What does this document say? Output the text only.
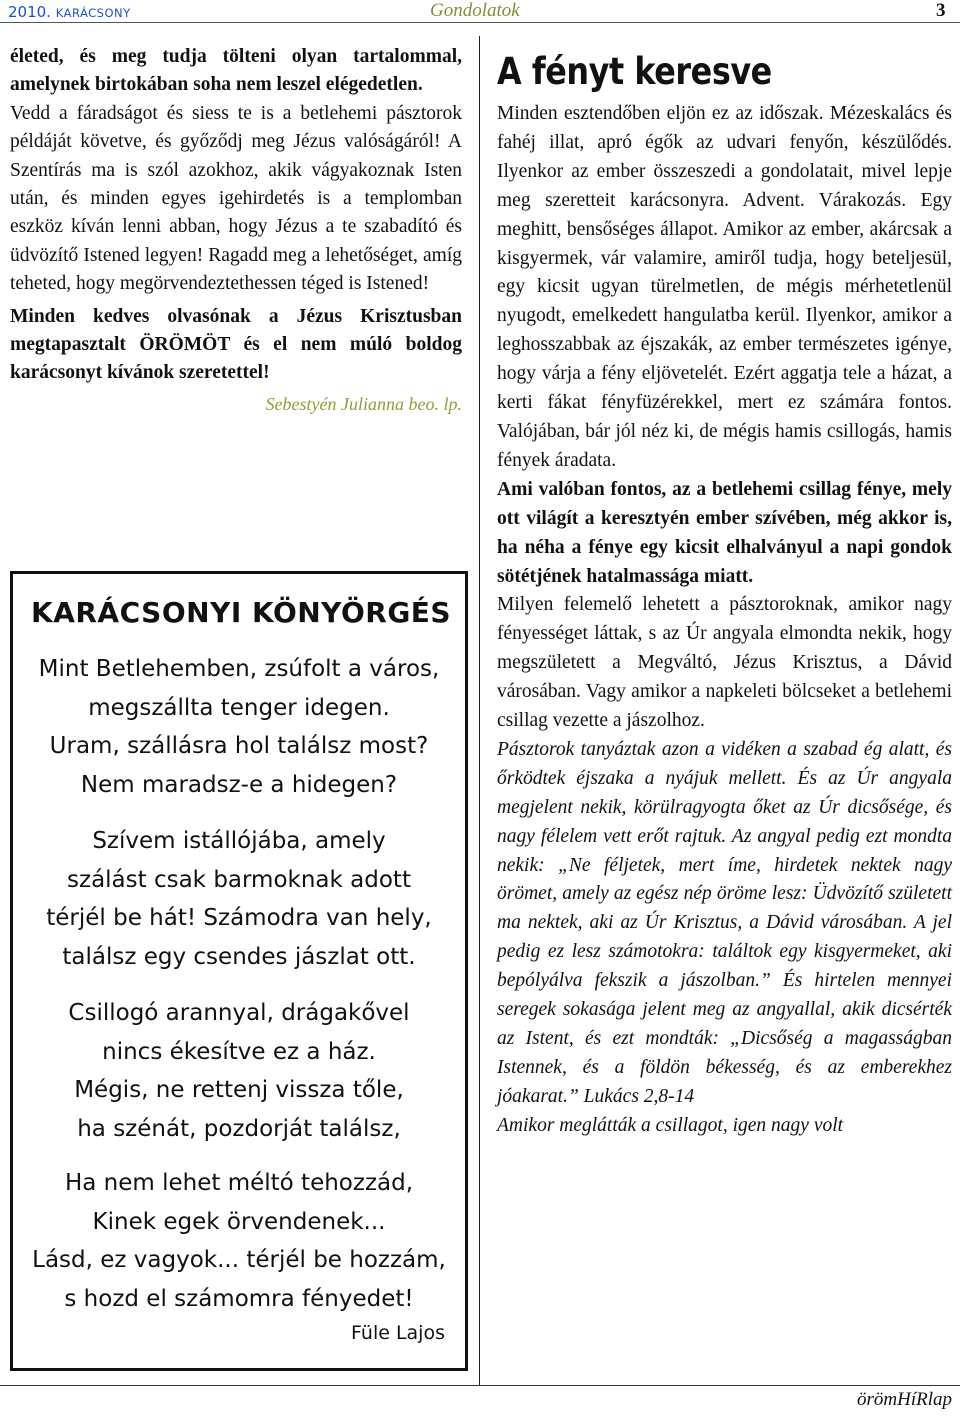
2010. KARÁCSONY	Gondolatok	3

életed, és meg tudja tölteni olyan tartalommal, amelynek birtokában soha nem leszel elégedetlen.

Vedd a fáradságot és siess te is a betlehemi pásztorok példáját követve, és győződj meg Jézus valóságáról! A Szentírás ma is szól azokhoz, akik vágyakoznak Isten után, és minden egyes igehirdetés is a templomban eszköz kíván lenni abban, hogy Jézus a te szabadító és üdvözítő Istened legyen! Ragadd meg a lehetőséget, amíg teheted, hogy megörvendeztethessen téged is Istened!

Minden kedves olvasónak a Jézus Krisztusban megtapasztalt ÖRÖMÖT és el nem múló boldog karácsonyt kívánok szeretettel!

Sebestyén Julianna beo. lp.

KARÁCSONYI KÖNYÖRGÉS
Mint Betlehemben, zsúfolt a város,
megszállta tenger idegen.
Uram, szállásra hol találsz most?
Nem maradsz-e a hidegen?
Szívem istállójába, amely
szálást csak barmoknak adott
térjél be hát! Számodra van hely,
találsz egy csendes jászlat ott.
Csillogó arannyal, drágakővel
nincs ékesítve ez a ház.
Mégis, ne rettenj vissza tőle,
ha szénát, pozdorját találsz,
Ha nem lehet méltó tehozzád,
Kinek egek örvendenek...
Lásd, ez vagyok... térjél be hozzám,
s hozd el számomra fényedet!
Füle Lajos
A fényt keresve

Minden esztendőben eljön ez az időszak. Mézeskalács és fahéj illat, apró égők az udvari fenyőn, készülődés. Ilyenkor az ember összeszedi a gondolatait, mivel lepje meg szeretteit karácsonyra. Advent. Várakozás. Egy meghitt, bensőséges állapot. Amikor az ember, akárcsak a kisgyermek, vár valamire, amiről tudja, hogy beteljesül, egy kicsit ugyan türelmetlen, de mégis mérhetetlenül nyugodt, emelkedett hangulatba kerül. Ilyenkor, amikor a leghosszabbak az éjszakák, az ember természetes igénye, hogy várja a fény eljövetelét. Ezért aggatja tele a házat, a kerti fákat fényfüzérekkel, mert ez számára fontos. Valójában, bár jól néz ki, de mégis hamis csillogás, hamis fények áradata.

Ami valóban fontos, az a betlehemi csillag fénye, mely ott világít a keresztyén ember szívében, még akkor is, ha néha a fénye egy kicsit elhalványul a napi gondok sötétjének hatalmassága miatt.

Milyen felemelő lehetett a pásztoroknak, amikor nagy fényességet láttak, s az Úr angyala elmondta nekik, hogy megszületett a Megváltó, Jézus Krisztus, a Dávid városában. Vagy amikor a napkeleti bölcseket a betlehemi csillag vezette a jászolhoz.

Pásztorok tanyáztak azon a vidéken a szabad ég alatt, és őrködtek éjszaka a nyájuk mellett. És az Úr angyala megjelent nekik, körülragyogta őket az Úr dicsősége, és nagy félelem vett erőt rajtuk. Az angyal pedig ezt mondta nekik: „Ne féljetek, mert íme, hirdetek nektek nagy örömet, amely az egész nép öröme lesz: Üdvözítő született ma nektek, aki az Úr Krisztus, a Dávid városában. A jel pedig ez lesz számotokra: találtok egy kisgyermeket, aki bepólyálva fekszik a jászolban.” És hirtelen mennyei seregek sokasága jelent meg az angyallal, akik dicsérték az Istent, és ezt mondták: „Dicsőség a magasságban Istennek, és a földön békesség, és az emberekhez jóakarat.” Lukács 2,8-14

Amikor meglátták a csillagot, igen nagy volt

örömHíRlap
